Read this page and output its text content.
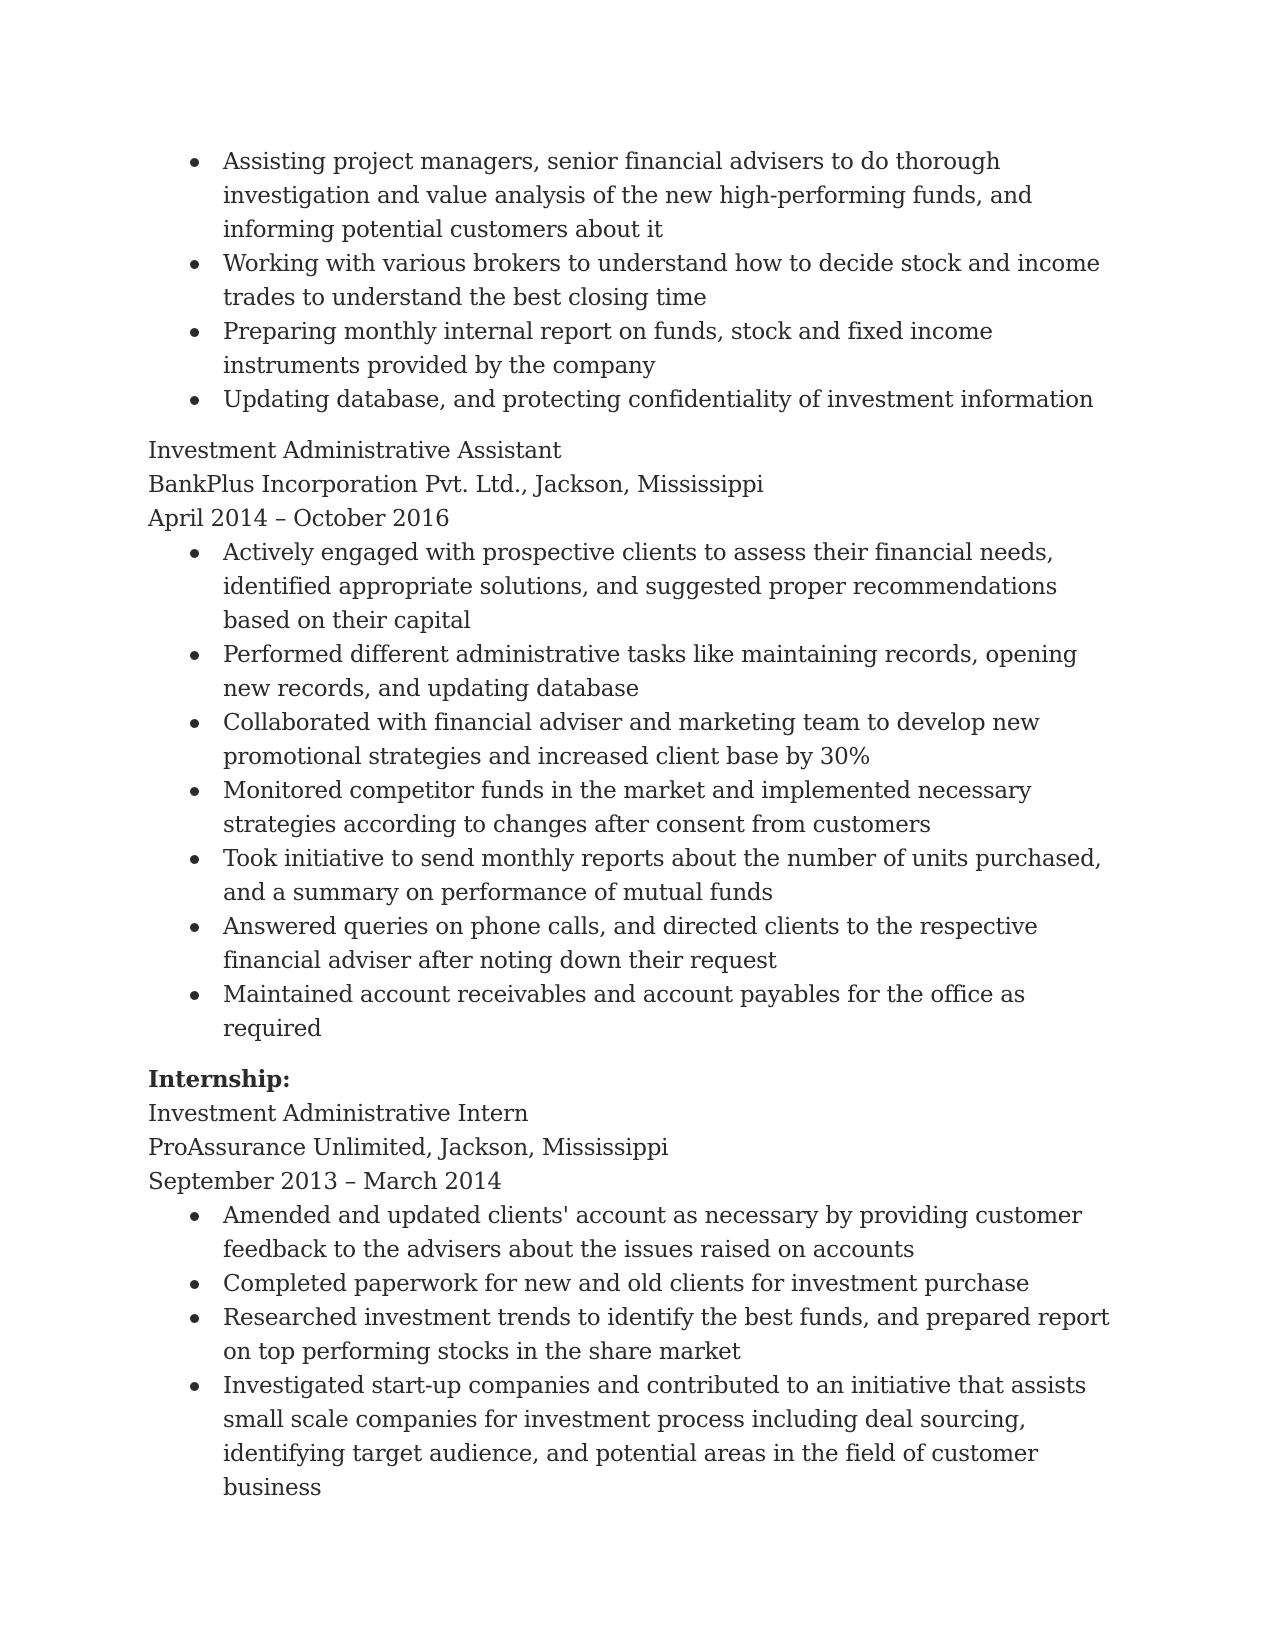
Assisting project managers, senior financial advisers to do thorough investigation and value analysis of the new high-performing funds, and informing potential customers about it
Working with various brokers to understand how to decide stock and income trades to understand the best closing time
Preparing monthly internal report on funds, stock and fixed income instruments provided by the company
Updating database, and protecting confidentiality of investment information
Investment Administrative Assistant
BankPlus Incorporation Pvt. Ltd., Jackson, Mississippi
April 2014 – October 2016
Actively engaged with prospective clients to assess their financial needs, identified appropriate solutions, and suggested proper recommendations based on their capital
Performed different administrative tasks like maintaining records, opening new records, and updating database
Collaborated with financial adviser and marketing team to develop new promotional strategies and increased client base by 30%
Monitored competitor funds in the market and implemented necessary strategies according to changes after consent from customers
Took initiative to send monthly reports about the number of units purchased, and a summary on performance of mutual funds
Answered queries on phone calls, and directed clients to the respective financial adviser after noting down their request
Maintained account receivables and account payables for the office as required
Internship:
Investment Administrative Intern
ProAssurance Unlimited, Jackson, Mississippi
September 2013 – March 2014
Amended and updated clients' account as necessary by providing customer feedback to the advisers about the issues raised on accounts
Completed paperwork for new and old clients for investment purchase
Researched investment trends to identify the best funds, and prepared report on top performing stocks in the share market
Investigated start-up companies and contributed to an initiative that assists small scale companies for investment process including deal sourcing, identifying target audience, and potential areas in the field of customer business
